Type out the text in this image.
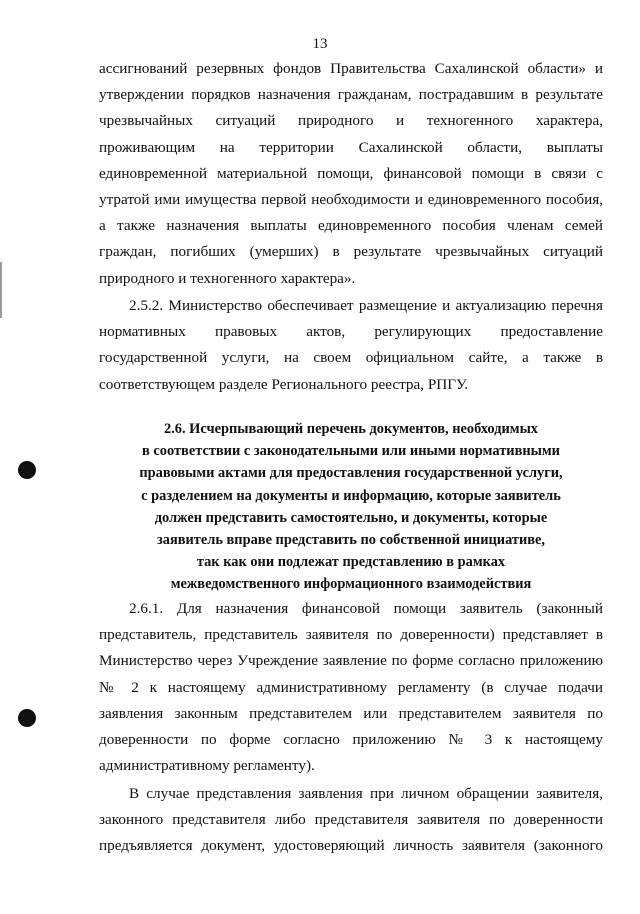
13
ассигнований резервных фондов Правительства Сахалинской области» и
утверждении порядков назначения гражданам, пострадавшим в результате
чрезвычайных ситуаций природного и техногенного характера,
проживающим на территории Сахалинской области, выплаты
единовременной материальной помощи, финансовой помощи в связи с
утратой ими имущества первой необходимости и единовременного пособия,
а также назначения выплаты единовременного пособия членам семей
граждан, погибших (умерших) в результате чрезвычайных ситуаций
природного и техногенного характера».
2.5.2. Министерство обеспечивает размещение и актуализацию перечня
нормативных правовых актов, регулирующих предоставление
государственной услуги, на своем официальном сайте, а также в
соответствующем разделе Регионального реестра, РПГУ.
2.6. Исчерпывающий перечень документов, необходимых
в соответствии с законодательными или иными нормативными
правовыми актами для предоставления государственной услуги,
с разделением на документы и информацию, которые заявитель
должен представить самостоятельно, и документы, которые
заявитель вправе представить по собственной инициативе,
так как они подлежат представлению в рамках
межведомственного информационного взаимодействия
2.6.1. Для назначения финансовой помощи заявитель (законный
представитель, представитель заявителя по доверенности) представляет в
Министерство через Учреждение заявление по форме согласно приложению
№ 2 к настоящему административному регламенту (в случае подачи
заявления законным представителем или представителем заявителя по
доверенности по форме согласно приложению № 3 к настоящему
административному регламенту).
В случае представления заявления при личном обращении заявителя,
законного представителя либо представителя заявителя по доверенности
предъявляется документ, удостоверяющий личность заявителя (законного
